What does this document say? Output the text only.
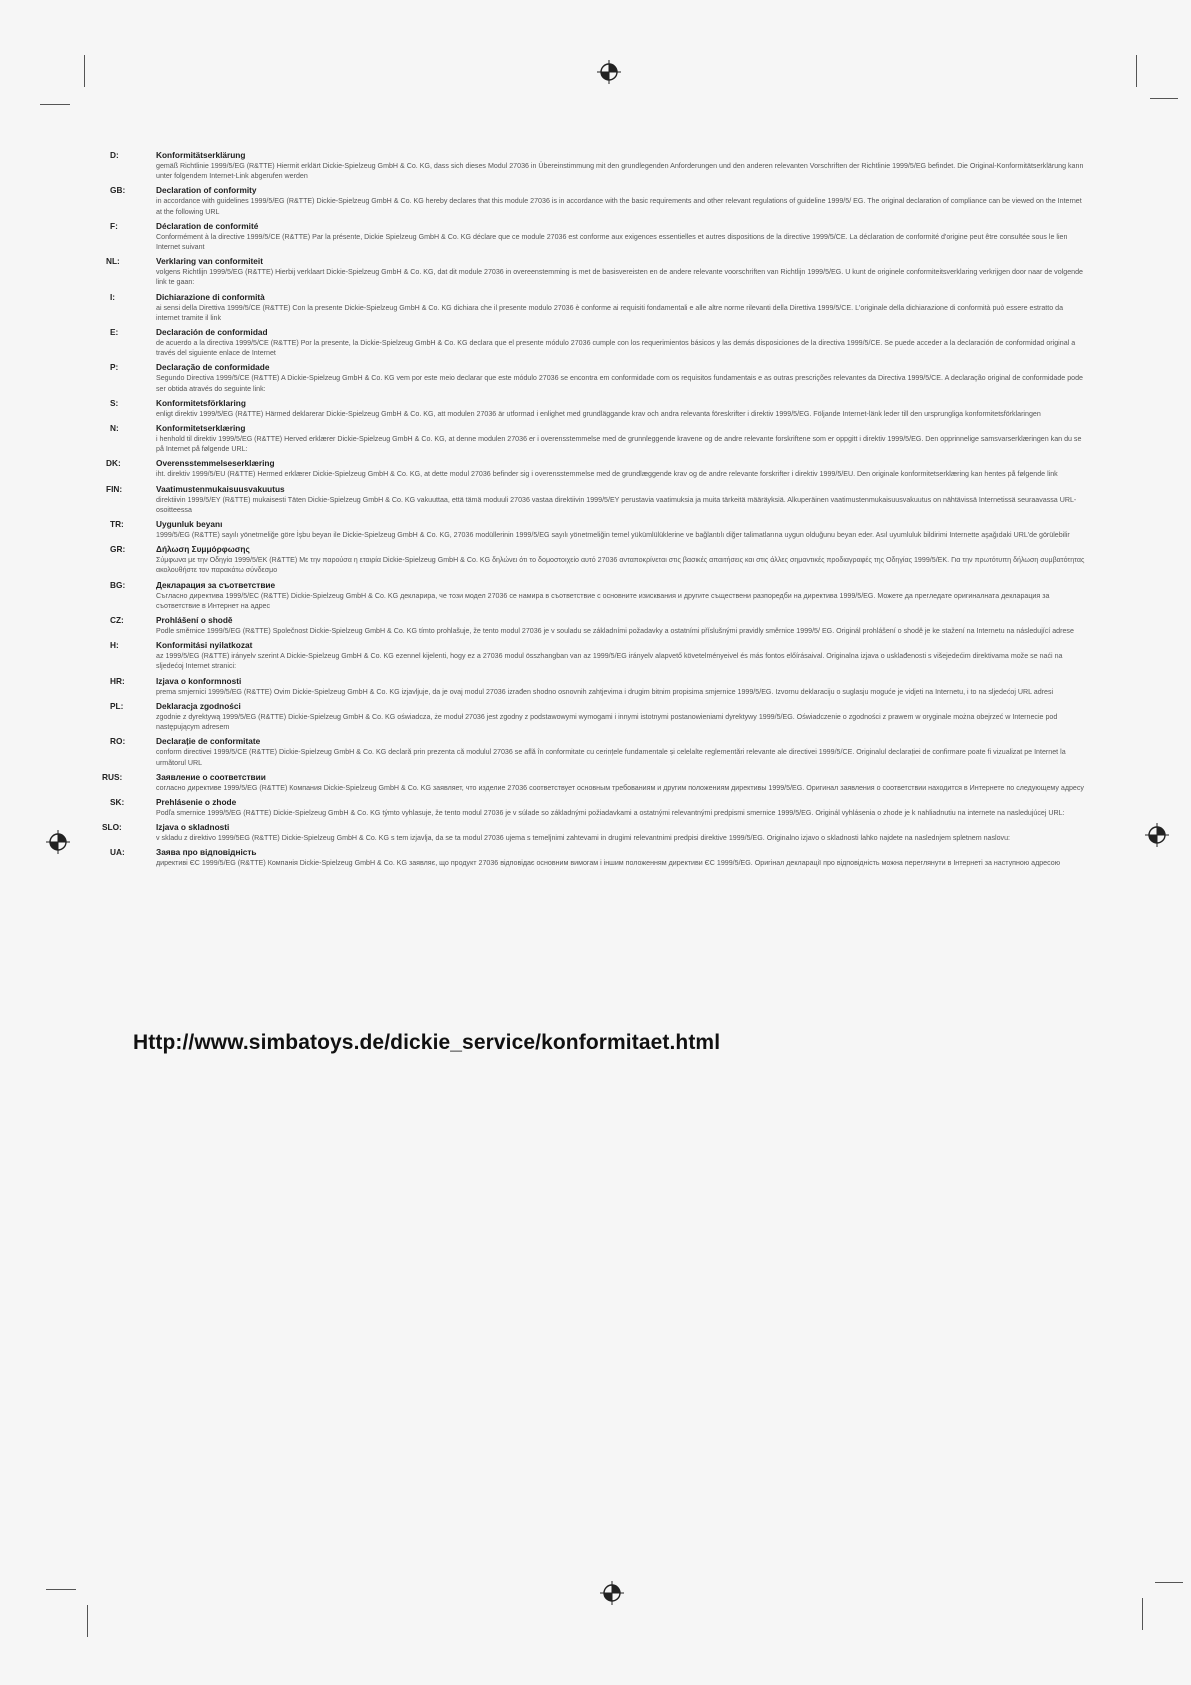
D:	Konformitätserklärung

gemäß Richtlinie 1999/5/EG (R&TTE) Hiermit erklärt Dickie-Spielzeug GmbH & Co. KG, dass sich dieses Modul 27036 in Übereinstimmung mit den grundlegenden Anforderungen und den anderen relevanten Vorschriften der Richtlinie 1999/5/EG befindet. Die Original-Konformitätserklärung kann unter folgendem Internet-Link abgerufen werden

GB:	Declaration of conformity

in accordance with guidelines 1999/5/EG (R&TTE) Dickie-Spielzeug GmbH & Co. KG hereby declares that this module 27036 is in accordance with the basic requirements and other relevant regulations of guideline 1999/5/ EG. The original declaration of compliance can be viewed on the Internet at the following URL

F:	Déclaration de conformité

Conformément à la directive 1999/5/CE (R&TTE) Par la présente, Dickie Spielzeug GmbH & Co. KG déclare que ce module 27036 est conforme aux exigences essentielles et autres dispositions de la directive 1999/5/CE. La déclaration de conformité d'origine peut être consultée sous le lien Internet suivant

NL:	Verklaring van conformiteit

volgens Richtlijn 1999/5/EG (R&TTE) Hierbij verklaart Dickie-Spielzeug GmbH & Co. KG, dat dit module 27036 in overeenstemming is met de basisvereisten en de andere relevante voorschriften van Richtlijn 1999/5/EG. U kunt de originele conformiteitsverklaring verkrijgen door naar de volgende link te gaan:

I:	Dichiarazione di conformità

ai sensi della Direttiva 1999/5/CE (R&TTE) Con la presente Dickie-Spielzeug GmbH & Co. KG dichiara che il presente modulo 27036 è conforme ai requisiti fondamentali e alle altre norme rilevanti della Direttiva 1999/5/CE. L'originale della dichiarazione di conformità può essere estratto da internet tramite il link

E:	Declaración de conformidad

de acuerdo a la directiva 1999/5/CE (R&TTE) Por la presente, la Dickie-Spielzeug GmbH & Co. KG declara que el presente módulo 27036 cumple con los requerimientos básicos y las demás disposiciones de la directiva 1999/5/CE. Se puede acceder a la declaración de conformidad original a través del siguiente enlace de Internet

P:	Declaração de conformidade

Segundo Directiva 1999/5/CE (R&TTE) A Dickie-Spielzeug GmbH & Co. KG vem por este meio declarar que este módulo 27036 se encontra em conformidade com os requisitos fundamentais e as outras prescrições relevantes da Directiva 1999/5/CE. A declaração original de conformidade pode ser obtida através do seguinte link:

S:	Konformitetsförklaring

enligt direktiv 1999/5/EG (R&TTE) Härmed deklarerar Dickie-Spielzeug GmbH & Co. KG, att modulen 27036 är utformad i enlighet med grundläggande krav och andra relevanta föreskrifter i direktiv 1999/5/EG. Följande Internet-länk leder till den ursprungliga konformitetsförklaringen

N:	Konformitetserklæring

i henhold til direktiv 1999/5/EG (R&TTE) Herved erklærer Dickie-Spielzeug GmbH & Co. KG, at denne modulen 27036 er i overensstemmelse med de grunnleggende kravene og de andre relevante forskriftene som er oppgitt i direktiv 1999/5/EG. Den opprinnelige samsvarserklæringen kan du se på Internet på følgende URL:

DK:	Overensstemmelseserklæring

iht. direktiv 1999/5/EU (R&TTE) Hermed erklærer Dickie-Spielzeug GmbH & Co. KG, at dette modul 27036 befinder sig i overensstemmelse med de grundlæggende krav og de andre relevante forskrifter i direktiv 1999/5/EU. Den originale konformitetserklæring kan hentes på følgende link

FIN:	Vaatimustenmukaisuusvakuutus

direktiivin 1999/5/EY (R&TTE) mukaisesti Täten Dickie-Spielzeug GmbH & Co. KG vakuuttaa, että tämä moduuli 27036 vastaa direktiivin 1999/5/EY perustavia vaatimuksia ja muita tärkeitä määräyksiä. Alkuperäinen vaatimustenmukaisuusvakuutus on nähtävissä Internetissä seuraavassa URL-osoitteessa

TR:	Uygunluk beyanı

1999/5/EG (R&TTE) sayılı yönetmeliğe göre İşbu beyan ile Dickie-Spielzeug GmbH & Co. KG, 27036 modüllerinin 1999/5/EG sayılı yönetmeliğin temel yükümlülüklerine ve bağlantılı diğer talimatlarına uygun olduğunu beyan eder. Asıl uyumluluk bildirimi Internette aşağıdaki URL'de görülebilir

GR:	Δήλωση Συμμόρφωσης

Σύμφωνα με την Οδηγία 1999/5/ΕΚ (R&TTE) Με την παρούσα η εταιρία Dickie-Spielzeug GmbH & Co. KG δηλώνει ότι το δομοστοιχείο αυτό 27036 ανταποκρίνεται στις βασικές απαιτήσεις και στις άλλες σημαντικές προδιαγραφές της Οδηγίας 1999/5/ΕΚ. Για την πρωτότυπη δήλωση συμβατότητας ακολουθήστε τον παρακάτω σύνδεσμο

BG:	Декларация за съответствие

Съгласно директива 1999/5/ЕС (R&TTE) Dickie-Spielzeug GmbH & Co. KG декларира, че този модел 27036 се намира в съответствие с основните изисквания и другите съществени разпоредби на директива 1999/5/EG. Можете да прегледате оригиналната декларация за съответствие в Интернет на адрес

CZ:	Prohlášení o shodě

Podle směrnice 1999/5/EG (R&TTE) Společnost Dickie-Spielzeug GmbH & Co. KG tímto prohlašuje, že tento modul 27036 je v souladu se základními požadavky a ostatními příslušnými pravidly směrnice 1999/5/ EG. Originál prohlášení o shodě je ke stažení na Internetu na následující adrese

H:	Konformitási nyilatkozat

az 1999/5/EG (R&TTE) irányelv szerint A Dickie-Spielzeug GmbH & Co. KG ezennel kijelenti, hogy ez a 27036 modul összhangban van az 1999/5/EG irányelv alapvető követelményeivel és más fontos előírásaival. Originalna izjava o usklađenosti s višejedećim direktivama može se naći na sljedećoj Internet stranici:

HR:	Izjava o konformnosti

prema smjernici 1999/5/EG (R&TTE) Ovim Dickie-Spielzeug GmbH & Co. KG izjavljuje, da je ovaj modul 27036 izrađen shodno osnovnih zahtjevima i drugim bitnim propisima smjernice 1999/5/EG. Izvornu deklaraciju o suglasju moguće je vidjeti na Internetu, i to na sljedećoj URL adresi

PL:	Deklaracja zgodności

zgodnie z dyrektywą 1999/5/EG (R&TTE) Dickie-Spielzeug GmbH & Co. KG oświadcza, że moduł 27036 jest zgodny z podstawowymi wymogami i innymi istotnymi postanowieniami dyrektywy 1999/5/EG. Oświadczenie o zgodności z prawem w oryginale można obejrzeć w Internecie pod następującym adresem

RO:	Declarație de conformitate

conform directivei 1999/5/CE (R&TTE) Dickie-Spielzeug GmbH & Co. KG declară prin prezenta că modulul 27036 se află în conformitate cu cerințele fundamentale și celelalte reglementări relevante ale directivei 1999/5/CE. Originalul declarației de confirmare poate fi vizualizat pe Internet la următorul URL

RUS:	Заявление о соответствии

согласно директиве 1999/5/EG (R&TTE) Компания Dickie-Spielzeug GmbH & Co. KG заявляет, что изделие 27036 соответствует основным требованиям и другим положениям директивы 1999/5/EG. Оригинал заявления о соответствии находится в Интернете по следующему адресу

SK:	Prehlásenie o zhode

Podľa smernice 1999/5/EG (R&TTE) Dickie-Spielzeug GmbH & Co. KG týmto vyhlasuje, že tento modul 27036 je v súlade so základnými požiadavkami a ostatnými relevantnými predpismi smernice 1999/5/EG. Originál vyhlásenia o zhode je k nahliadnutiu na internete na nasledujúcej URL:

SLO:	Izjava o skladnosti

v skladu z direktivo 1999/5EG (R&TTE) Dickie-Spielzeug GmbH & Co. KG s tem izjavlja, da se ta modul 27036 ujema s temeljnimi zahtevami in drugimi relevantnimi predpisi direktive 1999/5/EG. Originalno izjavo o skladnosti lahko najdete na naslednjem spletnem naslovu:

UA:	Заява про відповідність

директиві ЄС 1999/5/EG (R&TTE) Компанія Dickie-Spielzeug GmbH & Co. KG заявляє, що продукт 27036 відповідає основним вимогам і іншим положенням директиви ЄС 1999/5/EG. Оригінал декларації про відповідність можна переглянути в Інтернеті за наступною адресою

Http://www.simbatoys.de/dickie_service/konformitaet.html
